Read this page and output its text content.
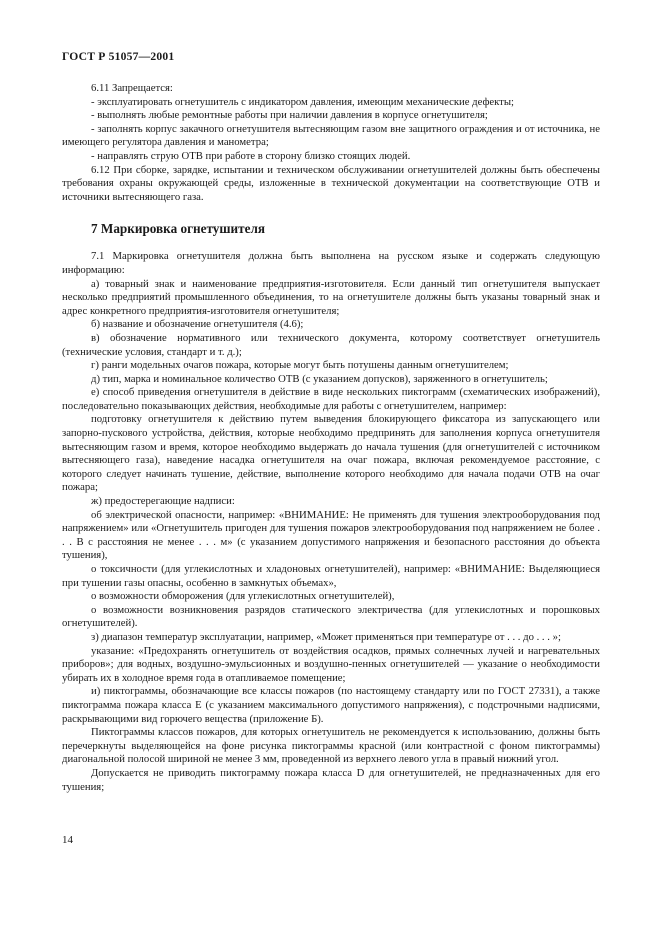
ГОСТ Р 51057—2001

6.11 Запрещается:

- эксплуатировать огнетушитель с индикатором давления, имеющим механические дефекты;

- выполнять любые ремонтные работы при наличии давления в корпусе огнетушителя;

- заполнять корпус закачного огнетушителя вытесняющим газом вне защитного ограждения и от источника, не имеющего регулятора давления и манометра;

- направлять струю ОТВ при работе в сторону близко стоящих людей.

6.12 При сборке, зарядке, испытании и техническом обслуживании огнетушителей должны быть обеспечены требования охраны окружающей среды, изложенные в технической документации на соответствующие ОТВ и источники вытесняющего газа.

7 Маркировка огнетушителя

7.1 Маркировка огнетушителя должна быть выполнена на русском языке и содержать следующую информацию:

а) товарный знак и наименование предприятия-изготовителя. Если данный тип огнетушителя выпускает несколько предприятий промышленного объединения, то на огнетушителе должны быть указаны товарный знак и адрес конкретного предприятия-изготовителя огнетушителя;

б) название и обозначение огнетушителя (4.6);

в) обозначение нормативного или технического документа, которому соответствует огнетушитель (технические условия, стандарт и т. д.);

г) ранги модельных очагов пожара, которые могут быть потушены данным огнетушителем;

д) тип, марка и номинальное количество ОТВ (с указанием допусков), заряженного в огнетушитель;

е) способ приведения огнетушителя в действие в виде нескольких пиктограмм (схематических изображений), последовательно показывающих действия, необходимые для работы с огнетушителем, например:

подготовку огнетушителя к действию путем выведения блокирующего фиксатора из запускающего или запорно-пускового устройства, действия, которые необходимо предпринять для заполнения корпуса огнетушителя вытесняющим газом и время, которое необходимо выдержать до начала тушения (для огнетушителей с источником вытесняющего газа), наведение насадка огнетушителя на очаг пожара, включая рекомендуемое расстояние, с которого следует начинать тушение, действие, выполнение которого необходимо для начала подачи ОТВ на очаг пожара;

ж) предостерегающие надписи:

об электрической опасности, например: «ВНИМАНИЕ: Не применять для тушения электрооборудования под напряжением» или «Огнетушитель пригоден для тушения пожаров электрооборудования под напряжением не более . . . В с расстояния не менее . . . м» (с указанием допустимого напряжения и безопасного расстояния до объекта тушения),

о токсичности (для углекислотных и хладоновых огнетушителей), например: «ВНИМАНИЕ: Выделяющиеся при тушении газы опасны, особенно в замкнутых объемах»,

о возможности обморожения (для углекислотных огнетушителей),

о возможности возникновения разрядов статического электричества (для углекислотных и порошковых огнетушителей).

з) диапазон температур эксплуатации, например, «Может применяться при температуре от . . . до . . . »;

указание: «Предохранять огнетушитель от воздействия осадков, прямых солнечных лучей и нагревательных приборов»; для водных, воздушно-эмульсионных и воздушно-пенных огнетушителей — указание о необходимости убирать их в холодное время года в отапливаемое помещение;

и) пиктограммы, обозначающие все классы пожаров (по настоящему стандарту или по ГОСТ 27331), а также пиктограмма пожара класса Е (с указанием максимального допустимого напряжения), с подстрочными надписями, раскрывающими вид горючего вещества (приложение Б).

Пиктограммы классов пожаров, для которых огнетушитель не рекомендуется к использованию, должны быть перечеркнуты выделяющейся на фоне рисунка пиктограммы красной (или контрастной с фоном пиктограммы) диагональной полосой шириной не менее 3 мм, проведенной из верхнего левого угла в правый нижний угол.

Допускается не приводить пиктограмму пожара класса D для огнетушителей, не предназначенных для его тушения;

14
